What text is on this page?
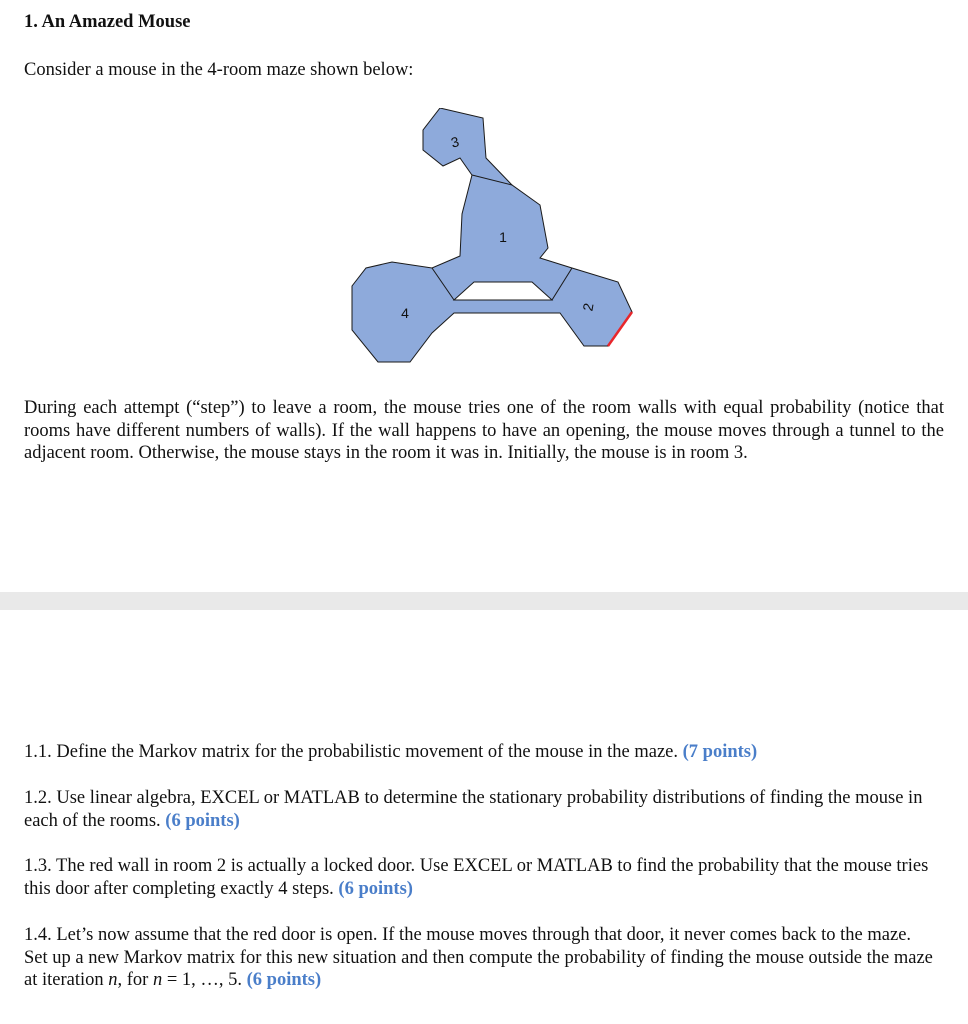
1. An Amazed Mouse

Consider a mouse in the 4-room maze shown below:

3
1
4	2

During each attempt (“step”) to leave a room, the mouse tries one of the room walls with equal probability (notice that rooms have different numbers of walls). If the wall happens to have an opening, the mouse moves through a tunnel to the adjacent room. Otherwise, the mouse stays in the room it was in. Initially, the mouse is in room 3.

1.1. Define the Markov matrix for the probabilistic movement of the mouse in the maze. (7 points)

1.2. Use linear algebra, EXCEL or MATLAB to determine the stationary probability distributions of finding the mouse in each of the rooms. (6 points)

1.3. The red wall in room 2 is actually a locked door. Use EXCEL or MATLAB to find the probability that the mouse tries this door after completing exactly 4 steps. (6 points)

1.4. Let’s now assume that the red door is open. If the mouse moves through that door, it never comes back to the maze. Set up a new Markov matrix for this new situation and then compute the probability of finding the mouse outside the maze at iteration n, for n = 1, …, 5. (6 points)
